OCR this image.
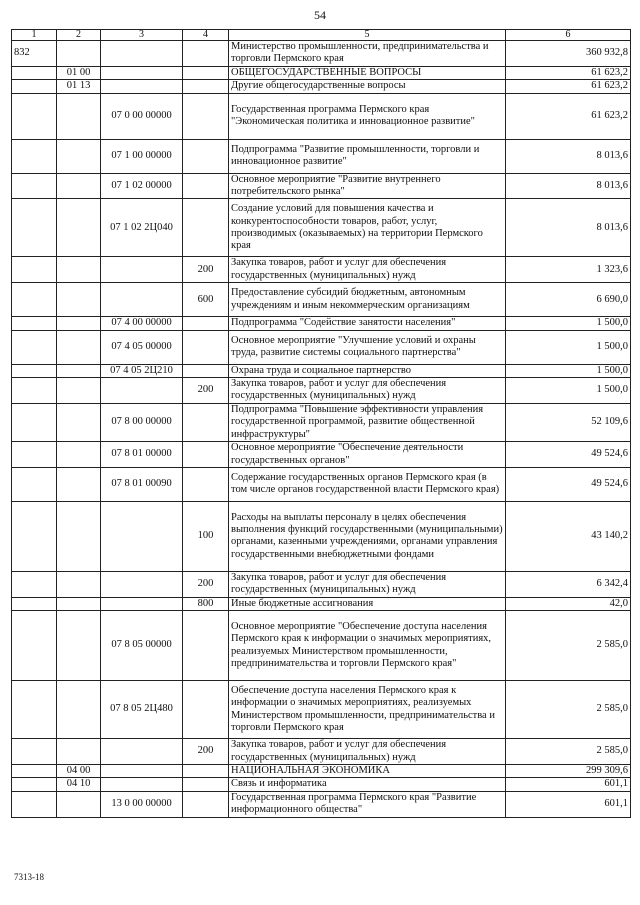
54
1	2	3	4	5	6
832				Министерство промышленности, предпринимательства и торговли Пермского края	360 932,8
	01 00			ОБЩЕГОСУДАРСТВЕННЫЕ ВОПРОСЫ	61 623,2
	01 13			Другие общегосударственные вопросы	61 623,2
		07 0 00 00000		Государственная программа Пермского края "Экономическая политика и инновационное развитие"	61 623,2
		07 1 00 00000		Подпрограмма "Развитие промышленности, торговли и инновационное развитие"	8 013,6
		07 1 02 00000		Основное мероприятие "Развитие внутреннего потребительского рынка"	8 013,6
		07 1 02 2Ц040		Создание условий для повышения качества и конкурентоспособности товаров, работ, услуг, производимых (оказываемых) на территории Пермского края	8 013,6
			200	Закупка товаров, работ и услуг для обеспечения государственных (муниципальных) нужд	1 323,6
			600	Предоставление субсидий бюджетным, автономным учреждениям и иным некоммерческим организациям	6 690,0
		07 4 00 00000		Подпрограмма "Содействие занятости населения"	1 500,0
		07 4 05 00000		Основное мероприятие "Улучшение условий и охраны труда, развитие системы социального партнерства"	1 500,0
		07 4 05 2Ц210		Охрана труда и социальное партнерство	1 500,0
			200	Закупка товаров, работ и услуг для обеспечения государственных (муниципальных) нужд	1 500,0
		07 8 00 00000		Подпрограмма "Повышение эффективности управления государственной программой, развитие общественной инфраструктуры"	52 109,6
		07 8 01 00000		Основное мероприятие "Обеспечение деятельности государственных органов"	49 524,6
		07 8 01 00090		Содержание государственных органов Пермского края (в том числе органов государственной власти Пермского края)	49 524,6
			100	Расходы на выплаты персоналу в целях обеспечения выполнения функций государственными (муниципальными) органами, казенными учреждениями, органами управления государственными внебюджетными фондами	43 140,2
			200	Закупка товаров, работ и услуг для обеспечения государственных (муниципальных) нужд	6 342,4
			800	Иные бюджетные ассигнования	42,0
		07 8 05 00000		Основное мероприятие "Обеспечение доступа населения Пермского края к информации о значимых мероприятиях, реализуемых Министерством промышленности, предпринимательства и торговли Пермского края"	2 585,0
		07 8 05 2Ц480		Обеспечение доступа населения Пермского края к информации о значимых мероприятиях, реализуемых Министерством промышленности, предпринимательства и торговли Пермского края	2 585,0
			200	Закупка товаров, работ и услуг для обеспечения государственных (муниципальных) нужд	2 585,0
	04 00			НАЦИОНАЛЬНАЯ ЭКОНОМИКА	299 309,6
	04 10			Связь и информатика	601,1
		13 0 00 00000		Государственная программа Пермского края "Развитие информационного общества"	601,1
7313-18
